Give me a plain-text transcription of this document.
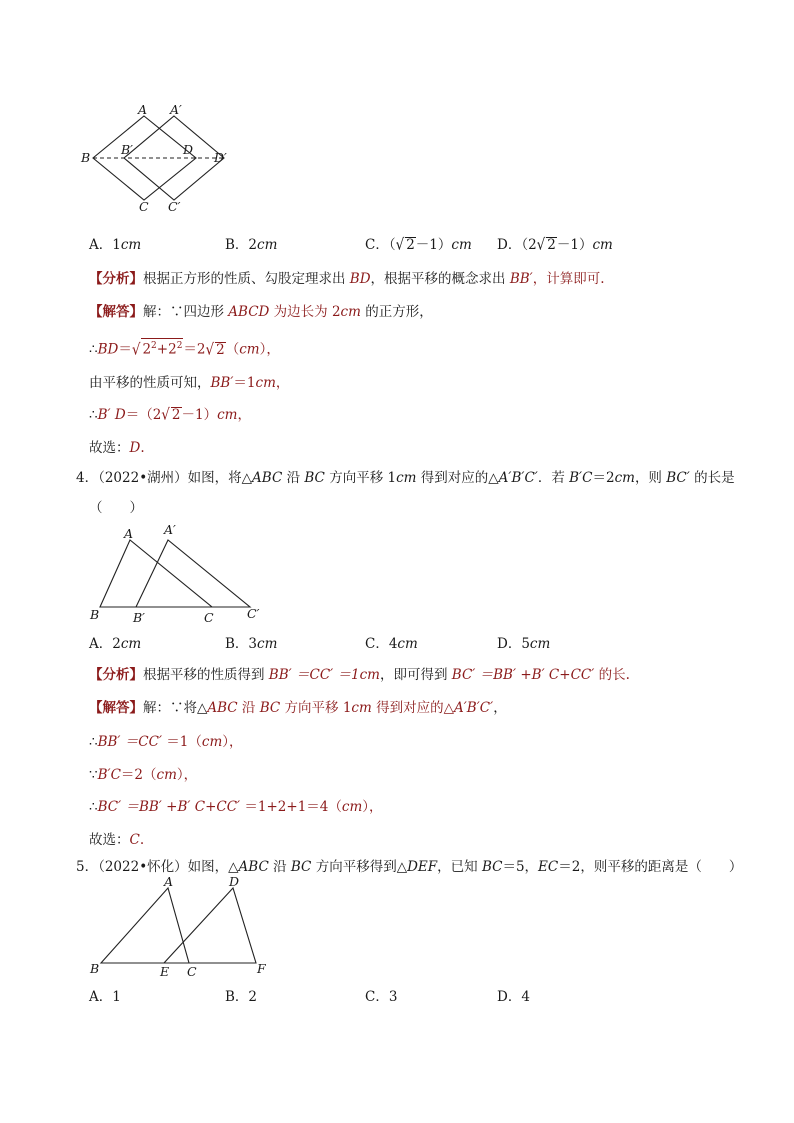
A A′
B
B′	D
D′
C C′
A．1cm	B．2cm	C．（√ 2－1）cm D．（2√ 2－1）cm
【分析】根据正方形的性质、勾股定理求出 BD，根据平移的概念求出 BB′，计算即可.
【解答】解：∵四边形 ABCD 为边长为 2cm 的正方形，
∴BD＝√ $2^2+2^2=2√$ 2（cm），
由平移的性质可知，BB′＝1cm，
∴B′ D＝（2√ 2－1）cm，
故选：D.
4．（2022•湖州）如图，将△ABC 沿 BC 方向平移 1cm 得到对应的△A′B′C′．若 B′C＝2cm，则 BC′ 的长是
（　　）
A A′
B	B′	C	C′
A．2cm	B．3cm	C．4cm	D．5cm
【分析】根据平移的性质得到 BB′ ＝CC′ ＝1cm，即可得到 BC′ ＝BB′ +B′ C+CC′ 的长.
【解答】解：∵将△ABC 沿 BC 方向平移 1cm 得到对应的△A′B′C′，
∴BB′ ＝CC′ ＝1（cm），
∵B′C＝2（cm），
∴BC′ ＝BB′ +B′ C+CC′ ＝1+2+1＝4（cm），
故选：C.
5．（2022•怀化）如图，△ABC 沿 BC 方向平移得到△DEF，已知 BC＝5，EC＝2，则平移的距离是（　　）
A	D
B	E C	F
A．1	B．2	C．3	D．4
